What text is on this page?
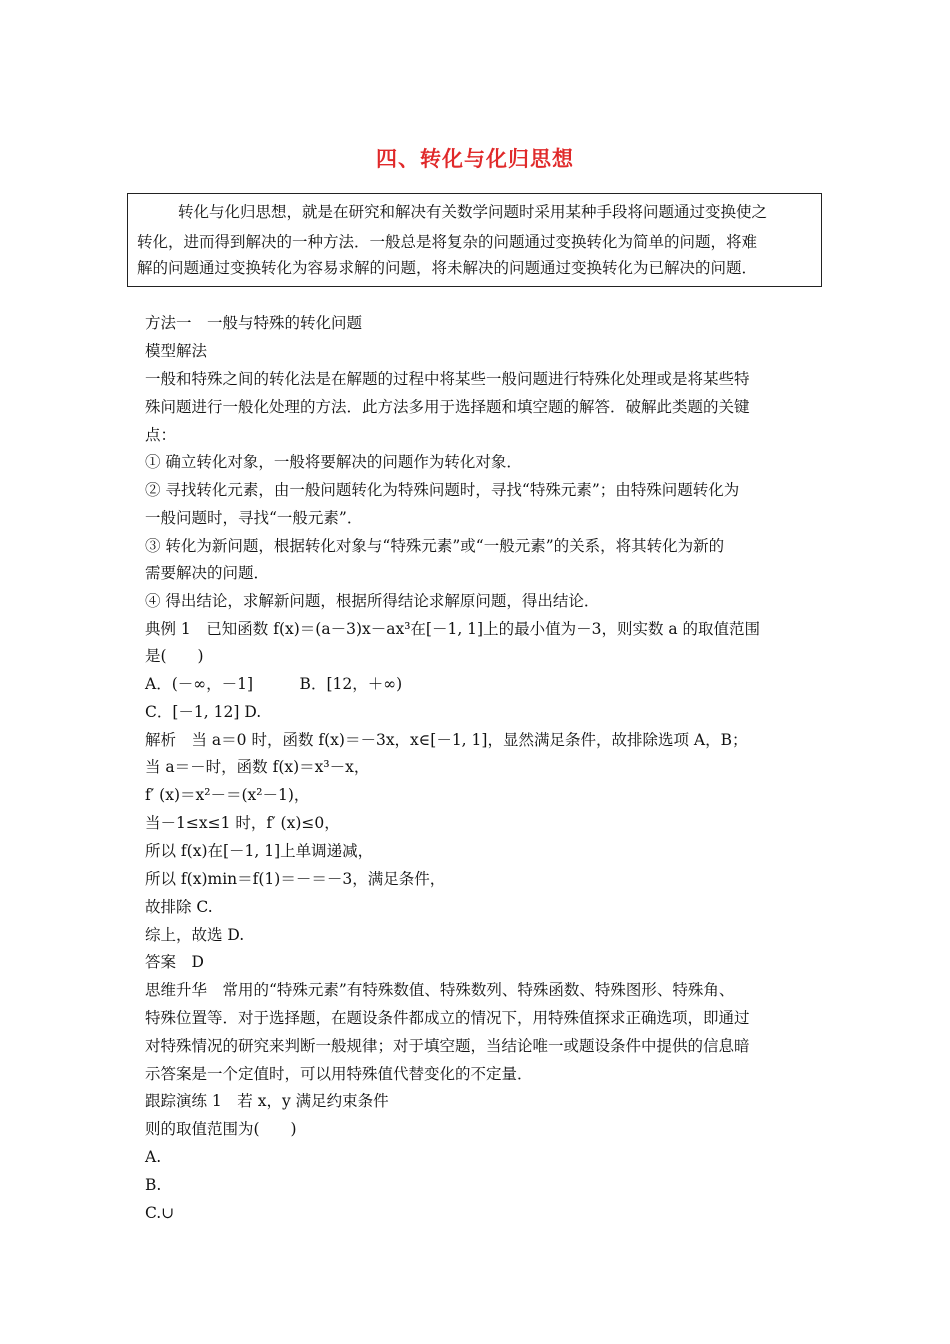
四、转化与化归思想
转化与化归思想，就是在研究和解决有关数学问题时采用某种手段将问题通过变换使之
转化，进而得到解决的一种方法．一般总是将复杂的问题通过变换转化为简单的问题，将难
解的问题通过变换转化为容易求解的问题，将未解决的问题通过变换转化为已解决的问题．
方法一　一般与特殊的转化问题
模型解法
一般和特殊之间的转化法是在解题的过程中将某些一般问题进行特殊化处理或是将某些特
殊问题进行一般化处理的方法．此方法多用于选择题和填空题的解答．破解此类题的关键
点：
① 确立转化对象，一般将要解决的问题作为转化对象．
② 寻找转化元素，由一般问题转化为特殊问题时，寻找“特殊元素”；由特殊问题转化为
一般问题时，寻找“一般元素”．
③ 转化为新问题，根据转化对象与“特殊元素”或“一般元素”的关系，将其转化为新的
需要解决的问题．
④ 得出结论，求解新问题，根据所得结论求解原问题，得出结论．
典例 1　已知函数 f(x)＝(a－3)x－ax³在[－1, 1]上的最小值为－3，则实数 a 的取值范围
是(　　)
A．(－∞，－1]　　　B．[12，＋∞)
C．[－1, 12] D.
解析　当 a＝0 时，函数 f(x)＝－3x，x∈[－1, 1]，显然满足条件，故排除选项 A，B；
当 a＝－时，函数 f(x)＝x³－x，
f′ (x)＝x²－＝(x²－1)，
当－1≤x≤1 时，f′ (x)≤0，
所以 f(x)在[－1, 1]上单调递减，
所以 f(x)min＝f(1)＝－＝－3，满足条件，
故排除 C.
综上，故选 D.
答案　D
思维升华　常用的“特殊元素”有特殊数值、特殊数列、特殊函数、特殊图形、特殊角、
特殊位置等．对于选择题，在题设条件都成立的情况下，用特殊值探求正确选项，即通过
对特殊情况的研究来判断一般规律；对于填空题，当结论唯一或题设条件中提供的信息暗
示答案是一个定值时，可以用特殊值代替变化的不定量．
跟踪演练 1　若 x，y 满足约束条件
则的取值范围为(　　)
A.
B.
C.∪
